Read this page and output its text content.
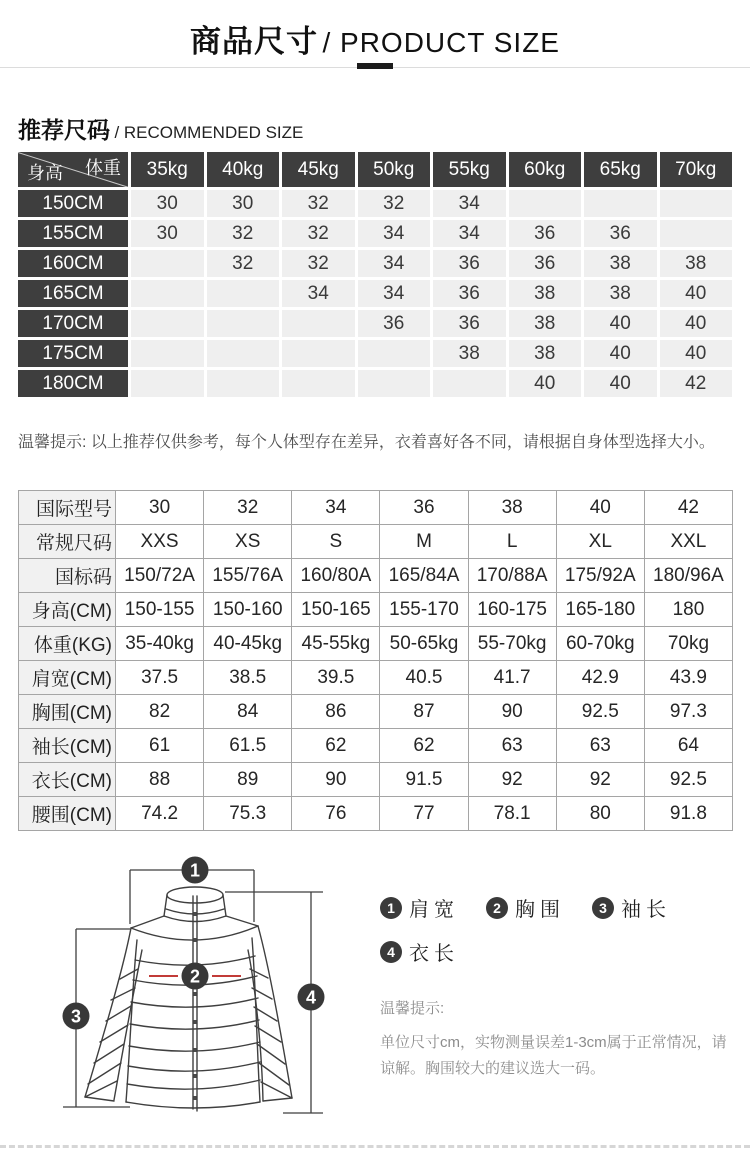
商品尺寸 / PRODUCT SIZE
推荐尺码 / RECOMMENDED SIZE
体重
身高	35kg	40kg	45kg	50kg	55kg	60kg	65kg	70kg
150CM	30	30	32	32	34			
155CM	30	32	32	34	34	36	36	
160CM		32	32	34	36	36	38	38
165CM			34	34	36	38	38	40
170CM				36	36	38	40	40
175CM					38	38	40	40
180CM						40	40	42
温馨提示: 以上推荐仅供参考，每个人体型存在差异，衣着喜好各不同，请根据自身体型选择大小。
国际型号	30	32	34	36	38	40	42
常规尺码	XXS	XS	S	M	L	XL	XXL
国标码	150/72A	155/76A	160/80A	165/84A	170/88A	175/92A	180/96A
身高(CM)	150-155	150-160	150-165	155-170	160-175	165-180	180
体重(KG)	35-40kg	40-45kg	45-55kg	50-65kg	55-70kg	60-70kg	70kg
肩宽(CM)	37.5	38.5	39.5	40.5	41.7	42.9	43.9
胸围(CM)	82	84	86	87	90	92.5	97.3
袖长(CM)	61	61.5	62	62	63	63	64
衣长(CM)	88	89	90	91.5	92	92	92.5
腰围(CM)	74.2	75.3	76	77	78.1	80	91.8
1
2
3
4
1 肩宽	2 胸围	3 袖长
4 衣长
温馨提示:
单位尺寸cm，实物测量误差1-3cm属于正常情况，请谅解。胸围较大的建议选大一码。
